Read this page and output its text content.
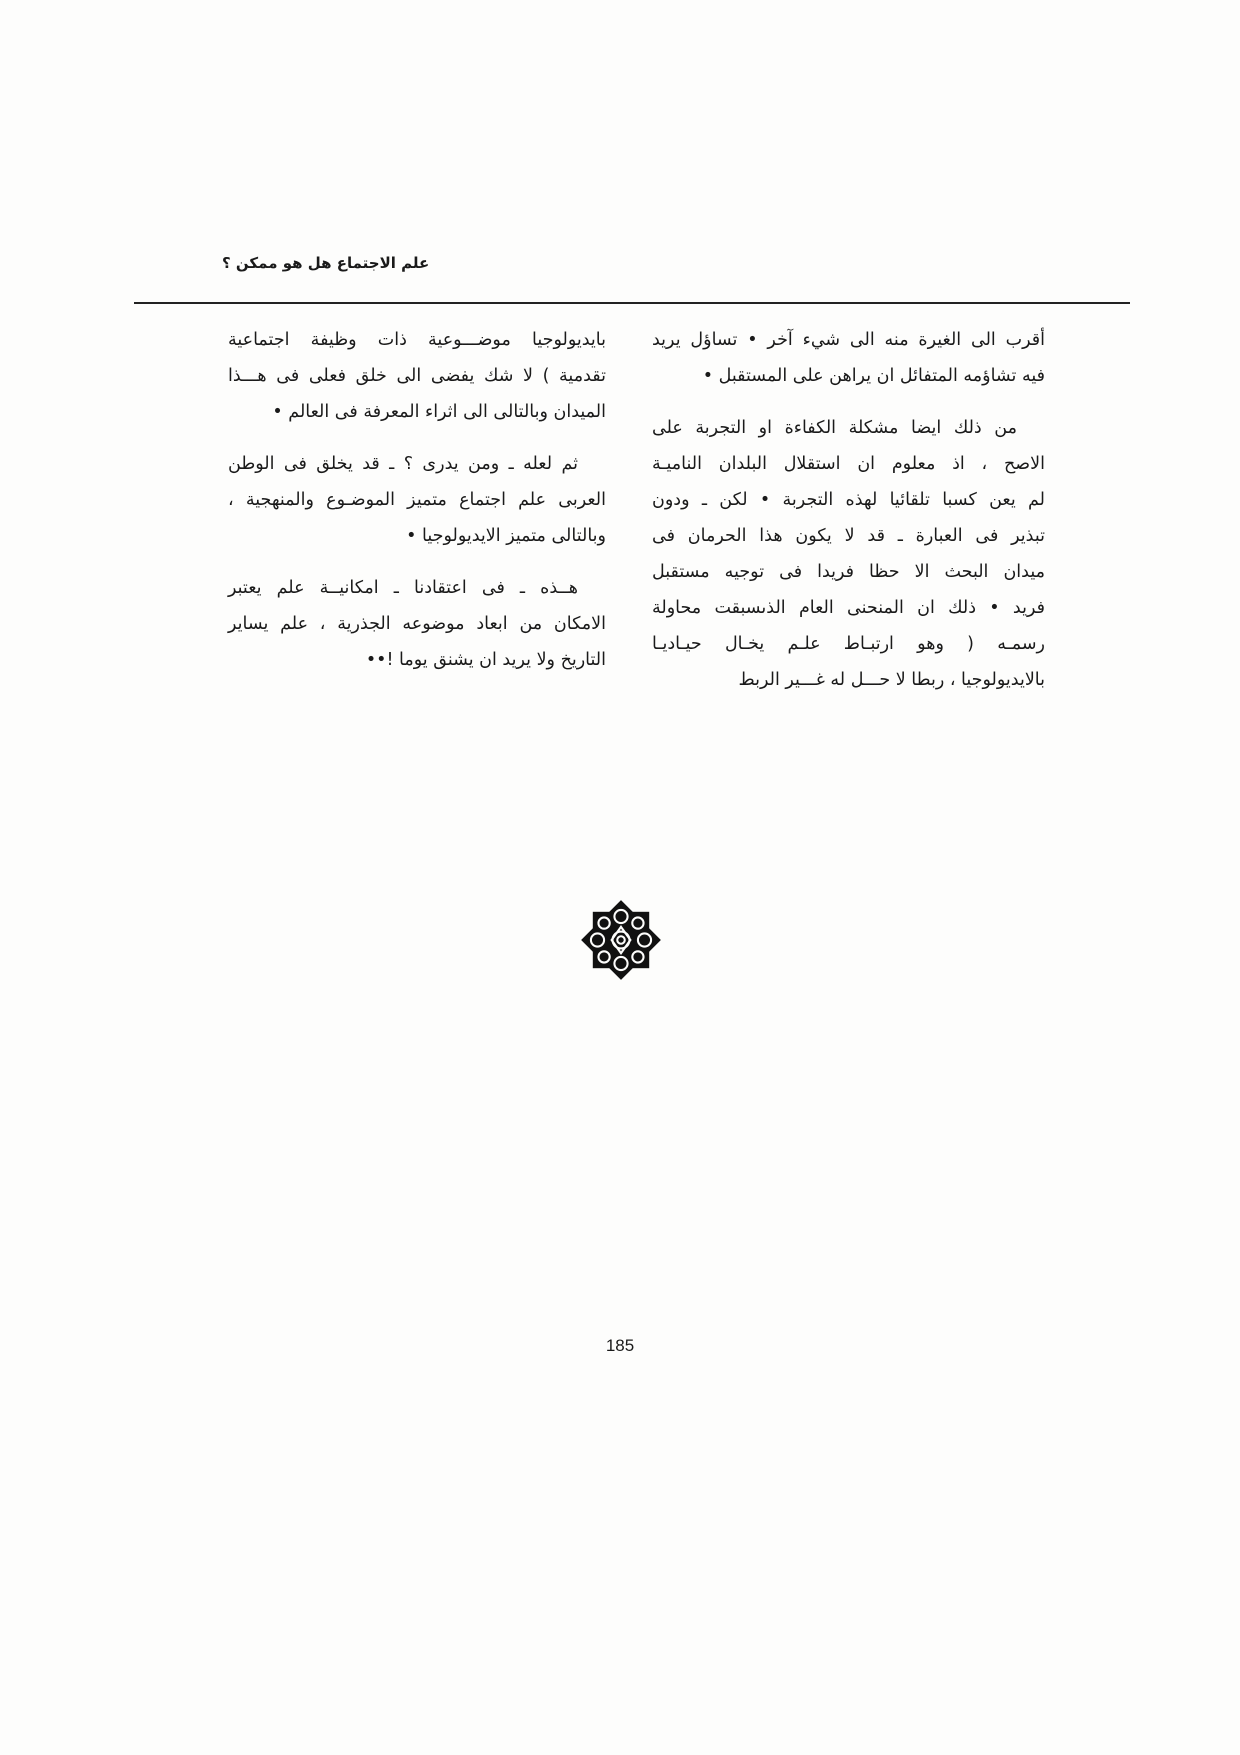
علم الاجتماع هل هو ممكن ؟
أقرب الى الغيرة منه الى شيء آخر • تساؤل يريد
فيه تشاؤمه المتفائل ان يراهن على المستقبل •
من ذلك ايضا مشكلة الكفاءة او التجربة على
الاصح ، اذ معلوم ان استقلال البلدان الناميـة
لم يعن كسبا تلقائيا لهذه التجربة • لكن ـ ودون
تبذير فى العبارة ـ قد لا يكون هذا الحرمان فى
ميدان البحث الا حظا فريدا فى توجيه مستقبل
فريد • ذلك ان المنحنى العام الذىسبقت محاولة
رسمـه ( وهو ارتبـاط علـم يخـال حيـاديـا
بالايديولوجيا ، ربطا لا حـــل له غـــير الربط
بايديولوجيا موضـــوعية ذات وظيفة اجتماعية
تقدمية ) لا شك يفضى الى خلق فعلى فى هـــذا
الميدان وبالتالى الى اثراء المعرفة فى العالم •
ثم لعله ـ ومن يدرى ؟ ـ قد يخلق فى الوطن
العربى علم اجتماع متميز الموضـوع والمنهجية ،
وبالتالى متميز الايديولوجيا •
هــذه ـ فى اعتقادنا ـ امكانيــة علم يعتبر
الامكان من ابعاد موضوعه الجذرية ، علم يساير
التاريخ ولا يريد ان يشنق يوما !••
185
